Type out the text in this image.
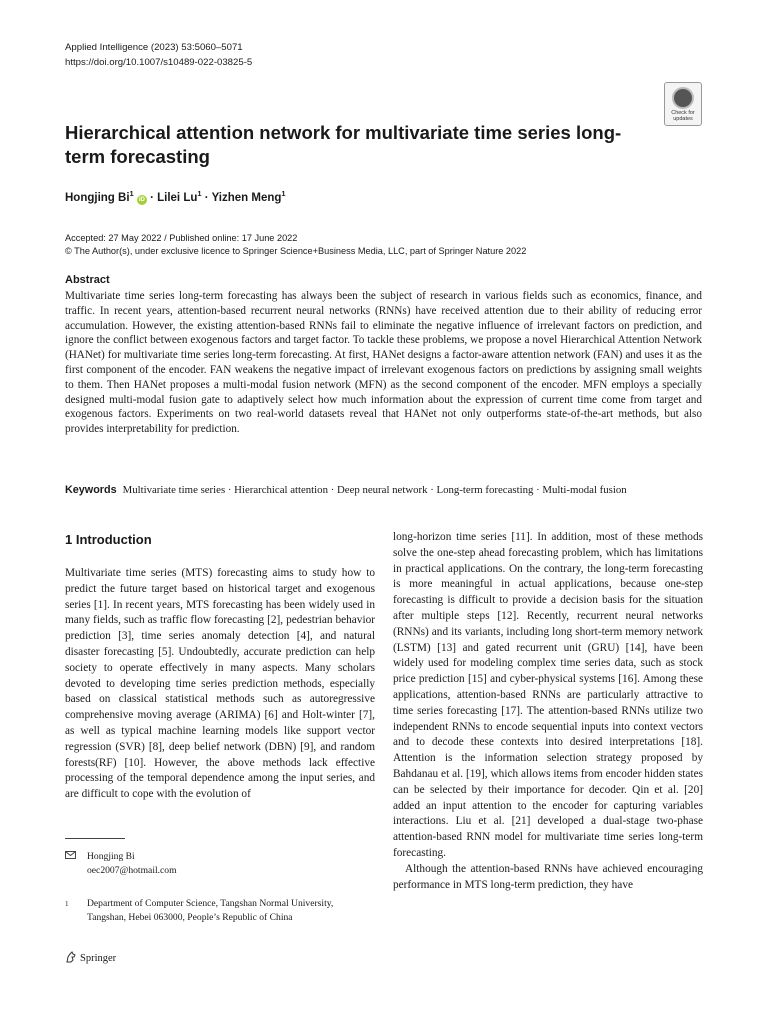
Applied Intelligence (2023) 53:5060–5071
https://doi.org/10.1007/s10489-022-03825-5
Check for
updates
Hierarchical attention network for multivariate time series long-term forecasting
Hongjing Bi$^1$ iD · Lilei $Lu^1$ · Yizhen Meng$^1$
Accepted: 27 May 2022 / Published online: 17 June 2022
© The Author(s), under exclusive licence to Springer Science+Business Media, LLC, part of Springer Nature 2022
Abstract

Multivariate time series long-term forecasting has always been the subject of research in various fields such as economics, finance, and traffic. In recent years, attention-based recurrent neural networks (RNNs) have received attention due to their ability of reducing error accumulation. However, the existing attention-based RNNs fail to eliminate the negative influence of irrelevant factors on prediction, and ignore the conflict between exogenous factors and target factor. To tackle these problems, we propose a novel Hierarchical Attention Network (HANet) for multivariate time series long-term forecasting. At first, HANet designs a factor-aware attention network (FAN) and uses it as the first component of the encoder. FAN weakens the negative impact of irrelevant exogenous factors on predictions by assigning small weights to them. Then HANet proposes a multi-modal fusion network (MFN) as the second component of the encoder. MFN employs a specially designed multi-modal fusion gate to adaptively select how much information about the expression of current time come from target and exogenous factors. Experiments on two real-world datasets reveal that HANet not only outperforms state-of-the-art methods, but also provides interpretability for prediction.

Keywords Multivariate time series · Hierarchical attention · Deep neural network · Long-term forecasting · Multi-modal fusion
1 Introduction

Multivariate time series (MTS) forecasting aims to study how to predict the future target based on historical target and exogenous series [1]. In recent years, MTS forecasting has been widely used in many fields, such as traffic flow forecasting [2], pedestrian behavior prediction [3], time series anomaly detection [4], and natural disaster forecasting [5]. Undoubtedly, accurate prediction can help society to operate effectively in many aspects. Many scholars devoted to developing time series prediction methods, especially based on classical statistical methods such as autoregressive comprehensive moving average (ARIMA) [6] and Holt-winter [7], as well as typical machine learning models like support vector regression (SVR) [8], deep belief network (DBN) [9], and random forests(RF) [10]. However, the above methods lack effective processing of the temporal dependence among the input series, and are difficult to cope with the evolution of

long-horizon time series [11]. In addition, most of these methods solve the one-step ahead forecasting problem, which has limitations in practical applications. On the contrary, the long-term forecasting is more meaningful in actual applications, because one-step forecasting is difficult to provide a decision basis for the situation after multiple steps [12]. Recently, recurrent neural networks (RNNs) and its variants, including long short-term memory network (LSTM) [13] and gated recurrent unit (GRU) [14], have been widely used for modeling complex time series data, such as stock price prediction [15] and cyber-physical systems [16]. Among these applications, attention-based RNNs are particularly attractive to time series forecasting [17]. The attention-based RNNs utilize two independent RNNs to encode sequential inputs into context vectors and to decode these contexts into desired interpretations [18]. Attention is the information selection strategy proposed by Bahdanau et al. [19], which allows items from encoder hidden states can be selected by their importance for decoder. Qin et al. [20] added an input attention to the encoder for capturing variables interactions. Liu et al. [21] developed a dual-stage two-phase attention-based RNN model for multivariate time series long-term forecasting.

Although the attention-based RNNs have achieved encouraging performance in MTS long-term prediction, they have

Hongjing Bi
oec2007@hotmail.com
1 Department of Computer Science, Tangshan Normal University,
Tangshan, Hebei 063000, People’s Republic of China
Springer
